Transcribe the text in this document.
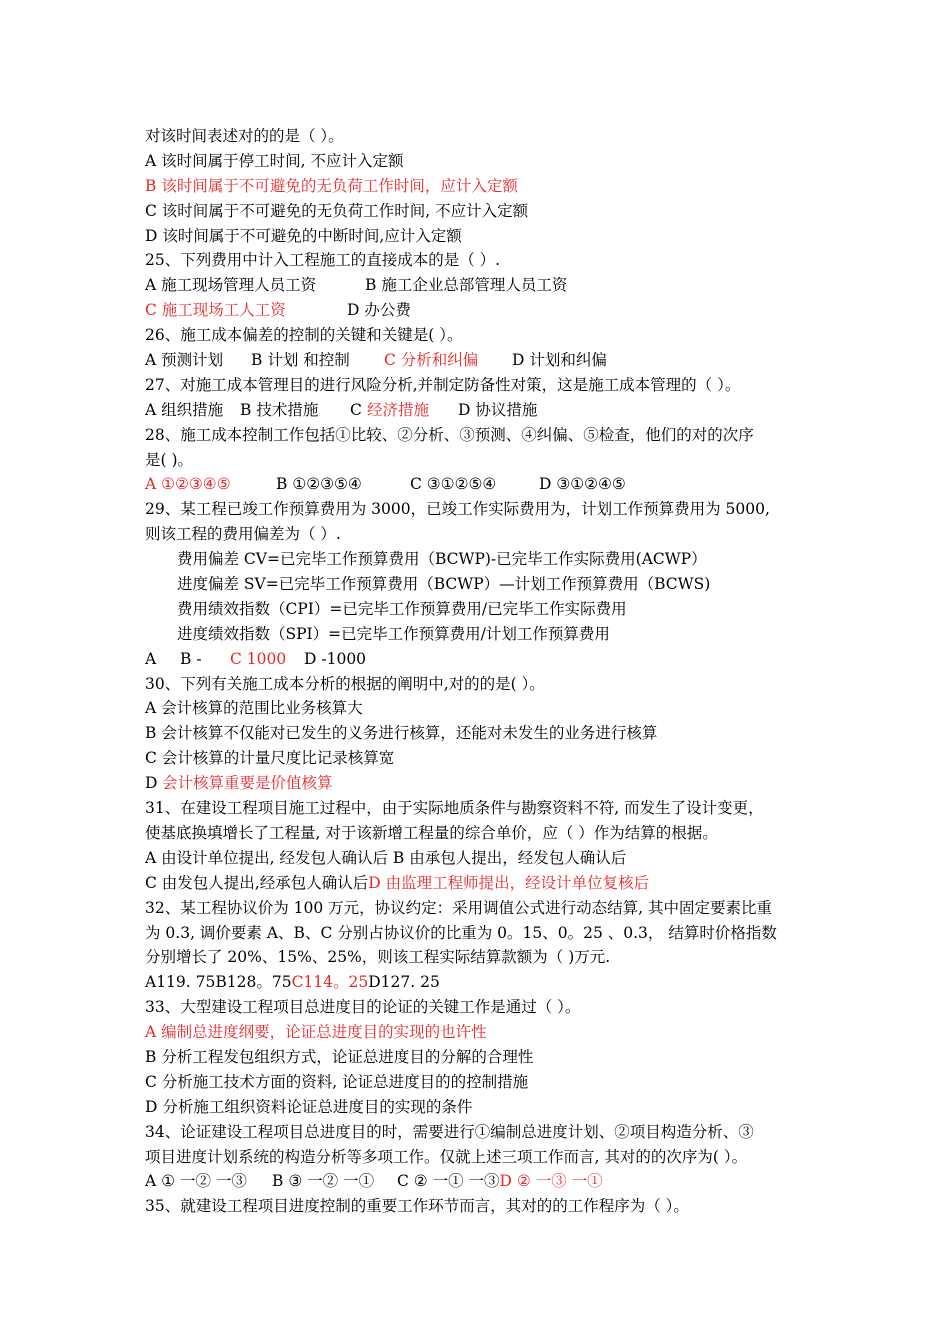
对该时间表述对的的是（ ）。
A 该时间属于停工时间, 不应计入定额
B 该时间属于不可避免的无负荷工作时间，应计入定额
C 该时间属于不可避免的无负荷工作时间, 不应计入定额
D 该时间属于不可避免的中断时间,应计入定额
25、下列费用中计入工程施工的直接成本的是（ ）.
A 施工现场管理人员工资	B 施工企业总部管理人员工资
C 施工现场工人工资	D 办公费
26、施工成本偏差的控制的关键和关键是( ）。
A 预测计划 B 计划 和控制 C 分析和纠偏 D 计划和纠偏
27、对施工成本管理目的进行风险分析,并制定防备性对策，这是施工成本管理的（ ）。
A 组织措施 B 技术措施 C经济措施 D 协议措施
28、施工成本控制工作包括①比较、②分析、③预测、④纠偏、⑤检查，他们的对的次序
是( )。
A ①②③④⑤	B ①②③⑤④	C ③①②⑤④	D ③①②④⑤
29、某工程已竣工作预算费用为 3000，已竣工作实际费用为，计划工作预算费用为 5000,
则该工程的费用偏差为（ ）.
费用偏差 CV=已完毕工作预算费用（BCWP)-已完毕工作实际费用(ACWP）
进度偏差 SV=已完毕工作预算费用（BCWP）—计划工作预算费用（BCWS)
费用绩效指数（CPI）=已完毕工作预算费用/已完毕工作实际费用
进度绩效指数（SPI）=已完毕工作预算费用/计划工作预算费用
A B - C 1000 D -1000
30、下列有关施工成本分析的根据的阐明中,对的的是( ）。
A 会计核算的范围比业务核算大
B 会计核算不仅能对已发生的义务进行核算，还能对未发生的业务进行核算
C 会计核算的计量尺度比记录核算宽
D会计核算重要是价值核算
31、在建设工程项目施工过程中，由于实际地质条件与勘察资料不符, 而发生了设计变更，
使基底换填增长了工程量, 对于该新增工程量的综合单价，应（ ）作为结算的根据。
A 由设计单位提出, 经发包人确认后 B 由承包人提出，经发包人确认后
C 由发包人提出,经承包人确认后D 由监理工程师提出，经设计单位复核后
32、某工程协议价为 100 万元，协议约定：采用调值公式进行动态结算, 其中固定要素比重
为 0.3, 调价要素 A、B、C 分别占协议价的比重为 0。15、0。25 、0.3， 结算时价格指数
分别增长了 20%、15%、25%，则该工程实际结算款额为（ )万元.
A119. 75B128。75C114。25D127. 25
33、大型建设工程项目总进度目的论证的关键工作是通过（ ）。
A 编制总进度纲要，论证总进度目的实现的也许性
B 分析工程发包组织方式，论证总进度目的分解的合理性
C 分析施工技术方面的资料, 论证总进度目的的控制措施
D 分析施工组织资料论证总进度目的实现的条件
34、论证建设工程项目总进度目的时，需要进行①编制总进度计划、②项目构造分析、③
项目进度计划系统的构造分析等多项工作。仅就上述三项工作而言, 其对的的次序为( ）。
A ① 一② 一③ B ③ 一② 一① C ② 一① 一③D ② 一③ 一①
35、就建设工程项目进度控制的重要工作环节而言，其对的的工作程序为（ ）。
